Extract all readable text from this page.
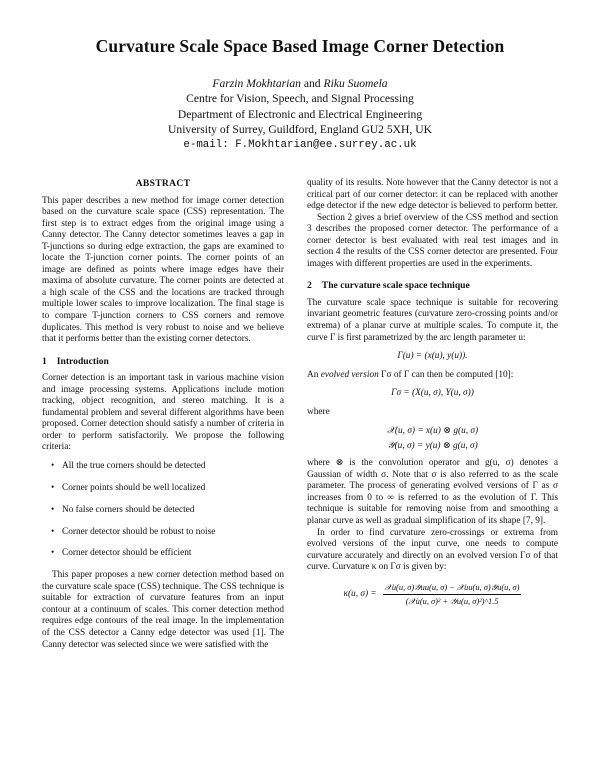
Curvature Scale Space Based Image Corner Detection
Farzin Mokhtarian and Riku Suomela
Centre for Vision, Speech, and Signal Processing
Department of Electronic and Electrical Engineering
University of Surrey, Guildford, England GU2 5XH, UK
e-mail: F.Mokhtarian@ee.surrey.ac.uk
ABSTRACT

This paper describes a new method for image corner detection based on the curvature scale space (CSS) representation. The first step is to extract edges from the original image using a Canny detector. The Canny detector sometimes leaves a gap in T-junctions so during edge extraction, the gaps are examined to locate the T-junction corner points. The corner points of an image are defined as points where image edges have their maxima of absolute curvature. The corner points are detected at a high scale of the CSS and the locations are tracked through multiple lower scales to improve localization. The final stage is to compare T-junction corners to CSS corners and remove duplicates. This method is very robust to noise and we believe that it performs better than the existing corner detectors.

1 Introduction

Corner detection is an important task in various machine vision and image processing systems. Applications include motion tracking, object recognition, and stereo matching. It is a fundamental problem and several different algorithms have been proposed. Corner detection should satisfy a number of criteria in order to perform satisfactorily. We propose the following criteria:

• All the true corners should be detected
• Corner points should be well localized
• No false corners should be detected
• Corner detector should be robust to noise
• Corner detector should be efficient

This paper proposes a new corner detection method based on the curvature scale space (CSS) technique. The CSS technique is suitable for extraction of curvature features from an input contour at a continuum of scales. This corner detection method requires edge contours of the real image. In the implementation of the CSS detector a Canny edge detector was used [1]. The Canny detector was selected since we were satisfied with the

quality of its results. Note however that the Canny detector is not a critical part of our corner detector: it can be replaced with another edge detector if the new edge detector is believed to perform better.

Section 2 gives a brief overview of the CSS method and section 3 describes the proposed corner detector. The performance of a corner detector is best evaluated with real test images and in section 4 the results of the CSS corner detector are presented. Four images with different properties are used in the experiments.

2 The curvature scale space technique

The curvature scale space technique is suitable for recovering invariant geometric features (curvature zero-crossing points and/or extrema) of a planar curve at multiple scales. To compute it, the curve Γ is first parametrized by the arc length parameter u:

Γ(u) = (x(u), y(u)).

An evolved version Γσ of Γ can then be computed [10]:

Γσ = (X(u, σ), Y(u, σ))

where

𝒳(u, σ) = x(u) ⊗ g(u, σ)
𝒴(u, σ) = y(u) ⊗ g(u, σ)

where ⊗ is the convolution operator and g(u, σ) denotes a Gaussian of width σ. Note that σ is also referred to as the scale parameter. The process of generating evolved versions of Γ as σ increases from 0 to ∞ is referred to as the evolution of Γ. This technique is suitable for removing noise from and smoothing a planar curve as well as gradual simplification of its shape [7, 9].

In order to find curvature zero-crossings or extrema from evolved versions of the input curve, one needs to compute curvature accurately and directly on an evolved version Γσ of that curve. Curvature κ on Γσ is given by:

κ(u, $\sigma) = \frac{\text{𝒳u(u, σ)𝒴uu(u, σ) − 𝒳uu(u, σ)𝒴u(u, σ)}}{\text{(𝒳u(u, σ)² + 𝒴u(u, σ)²)\textasciicircum{}1.5}}$
